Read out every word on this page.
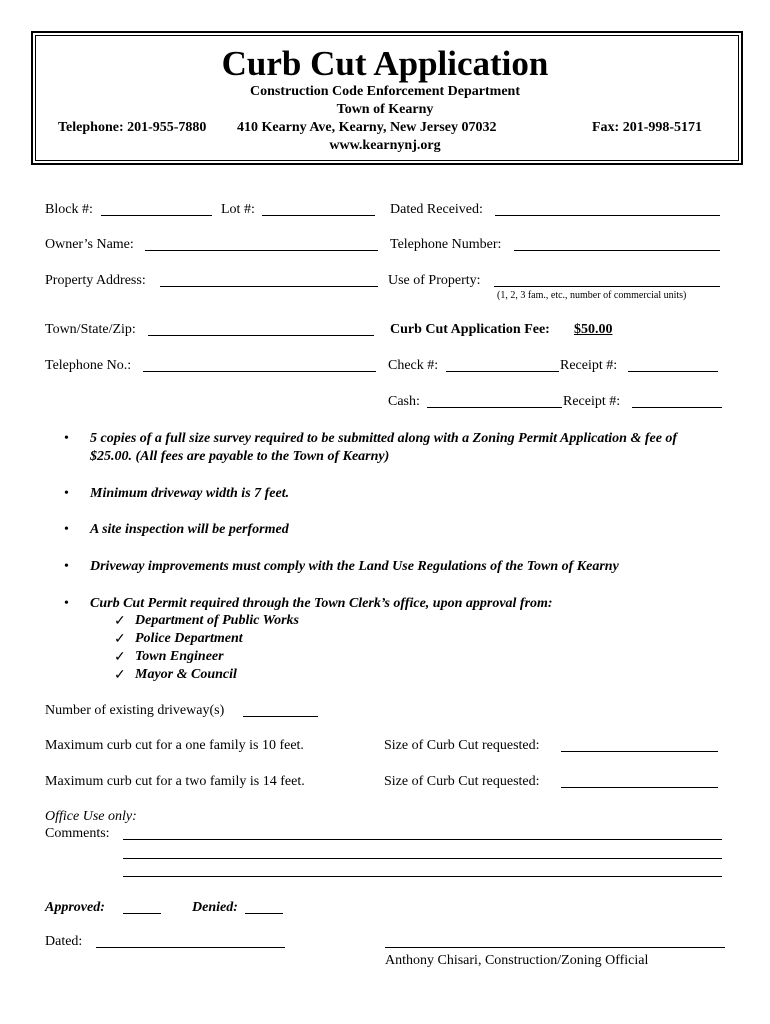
Curb Cut Application
Construction Code Enforcement Department
Town of Kearny
Telephone: 201-955-7880 410 Kearny Ave, Kearny, New Jersey 07032	Fax: 201-998-5171
www.kearnynj.org
Block #:	Lot #:	Dated Received:
Owner’s Name:	Telephone Number:
Property Address:	Use of Property:
(1, 2, 3 fam., etc., number of commercial units)
Town/State/Zip:	Curb Cut Application Fee: $50.00
Telephone No.:	Check #:	Receipt #:
Cash:	Receipt #:
• 5 copies of a full size survey required to be submitted along with a Zoning Permit Application & fee of
$25.00. (All fees are payable to the Town of Kearny)
• Minimum driveway width is 7 feet.
• A site inspection will be performed
• Driveway improvements must comply with the Land Use Regulations of the Town of Kearny
• Curb Cut Permit required through the Town Clerk’s office, upon approval from:
✓ Department of Public Works
✓ Police Department
✓ Town Engineer
✓ Mayor & Council
Number of existing driveway(s)
Maximum curb cut for a one family is 10 feet.	Size of Curb Cut requested:
Maximum curb cut for a two family is 14 feet.	Size of Curb Cut requested:
Office Use only:
Comments:
Approved:	Denied:
Dated:
Anthony Chisari, Construction/Zoning Official
